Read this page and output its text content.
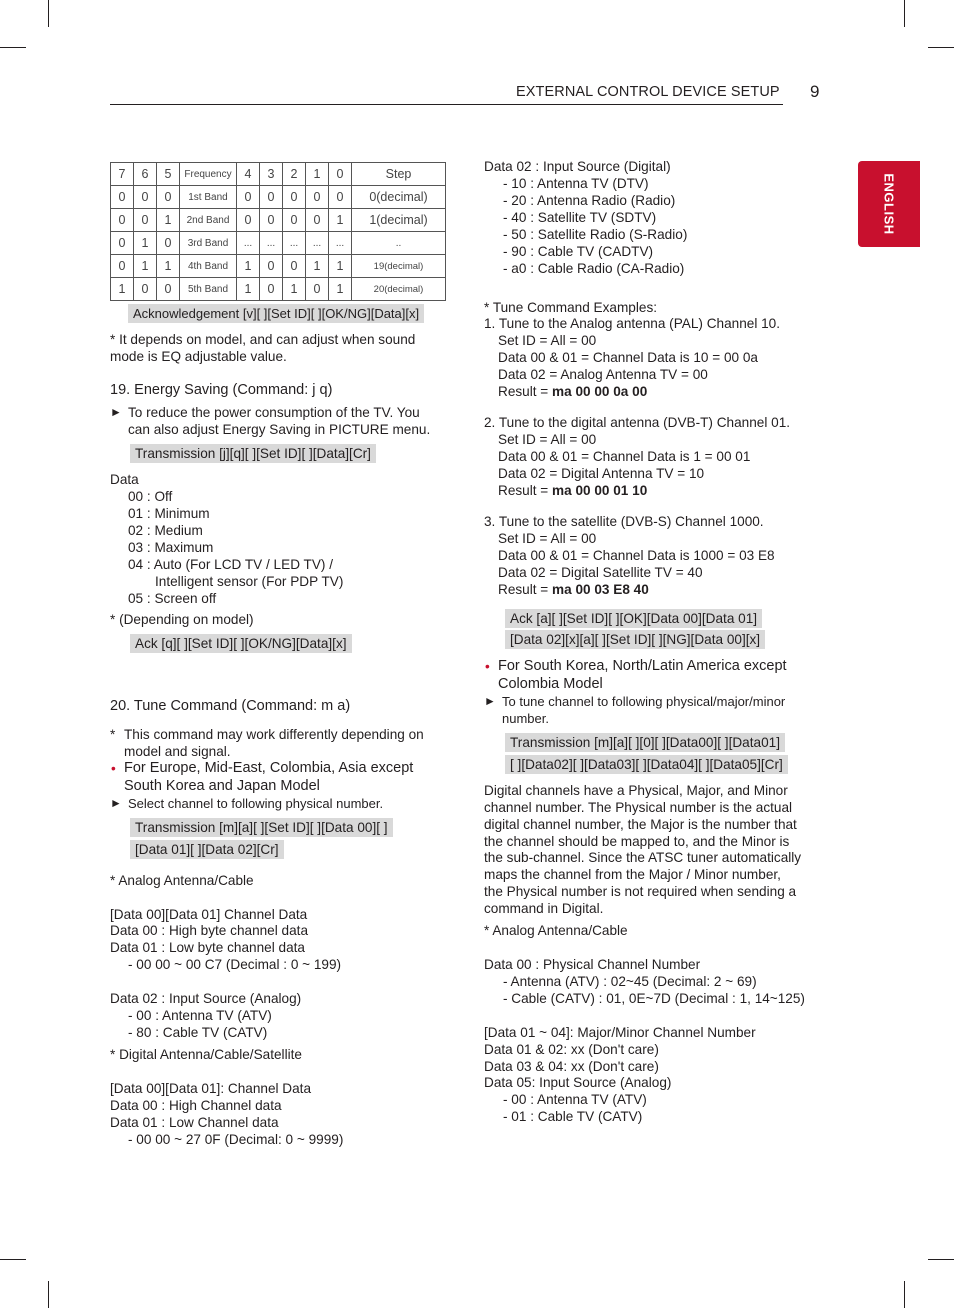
EXTERNAL CONTROL DEVICE SETUP 9
ENGLISH
7	6	5	Frequency	4	3	2	1	0	Step
0	0	0	1st Band	0	0	0	0	0	0(decimal)
0	0	1	2nd Band	0	0	0	0	1	1(decimal)
0	1	0	3rd Band	...	...	...	...	...	..
0	1	1	4th Band	1	0	0	1	1	19(decimal)
1	0	0	5th Band	1	0	1	0	1	20(decimal)
Acknowledgement [v][ ][Set ID][ ][OK/NG][Data][x]
* It depends on model, and can adjust when sound
mode is EQ adjustable value.
19. Energy Saving (Command: j q)
► To reduce the power consumption of the TV. You
can also adjust Energy Saving in PICTURE menu.
Transmission [j][q][ ][Set ID][ ][Data][Cr]
Data
00 : Off
01 : Minimum
02 : Medium
03 : Maximum
04 : Auto (For LCD TV / LED TV) /
Intelligent sensor (For PDP TV)
05 : Screen off
* (Depending on model)
Ack [q][ ][Set ID][ ][OK/NG][Data][x]
20. Tune Command (Command: m a)
* This command may work differently depending on
model and signal.
• For Europe, Mid-East, Colombia, Asia except
South Korea and Japan Model
► Select channel to following physical number.
Transmission [m][a][ ][Set ID][ ][Data 00][ ]
[Data 01][ ][Data 02][Cr]
* Analog Antenna/Cable
[Data 00][Data 01] Channel Data
Data 00 : High byte channel data
Data 01 : Low byte channel data
- 00 00 ~ 00 C7 (Decimal : 0 ~ 199)
Data 02 : Input Source (Analog)
- 00 : Antenna TV (ATV)
- 80 : Cable TV (CATV)
* Digital Antenna/Cable/Satellite
[Data 00][Data 01]: Channel Data
Data 00 : High Channel data
Data 01 : Low Channel data
- 00 00 ~ 27 0F (Decimal: 0 ~ 9999)
Data 02 : Input Source (Digital)
- 10 : Antenna TV (DTV)
- 20 : Antenna Radio (Radio)
- 40 : Satellite TV (SDTV)
- 50 : Satellite Radio (S-Radio)
- 90 : Cable TV (CADTV)
- a0 : Cable Radio (CA-Radio)
* Tune Command Examples:
1. Tune to the Analog antenna (PAL) Channel 10.
Set ID = All = 00
Data 00 & 01 = Channel Data is 10 = 00 0a
Data 02 = Analog Antenna TV = 00
Result = ma 00 00 0a 00
2. Tune to the digital antenna (DVB-T) Channel 01.
Set ID = All = 00
Data 00 & 01 = Channel Data is 1 = 00 01
Data 02 = Digital Antenna TV = 10
Result = ma 00 00 01 10
3. Tune to the satellite (DVB-S) Channel 1000.
Set ID = All = 00
Data 00 & 01 = Channel Data is 1000 = 03 E8
Data 02 = Digital Satellite TV = 40
Result = ma 00 03 E8 40
Ack [a][ ][Set ID][ ][OK][Data 00][Data 01]
[Data 02][x][a][ ][Set ID][ ][NG][Data 00][x]
• For South Korea, North/Latin America except
Colombia Model
► To tune channel to following physical/major/minor
number.
Transmission [m][a][ ][0][ ][Data00][ ][Data01]
[ ][Data02][ ][Data03][ ][Data04][ ][Data05][Cr]
Digital channels have a Physical, Major, and Minor
channel number. The Physical number is the actual
digital channel number, the Major is the number that
the channel should be mapped to, and the Minor is
the sub-channel. Since the ATSC tuner automatically
maps the channel from the Major / Minor number,
the Physical number is not required when sending a
command in Digital.
* Analog Antenna/Cable
Data 00 : Physical Channel Number
- Antenna (ATV) : 02~45 (Decimal: 2 ~ 69)
- Cable (CATV) : 01, 0E~7D (Decimal : 1, 14~125)
[Data 01 ~ 04]: Major/Minor Channel Number
Data 01 & 02: xx (Don't care)
Data 03 & 04: xx (Don't care)
Data 05: Input Source (Analog)
- 00 : Antenna TV (ATV)
- 01 : Cable TV (CATV)
